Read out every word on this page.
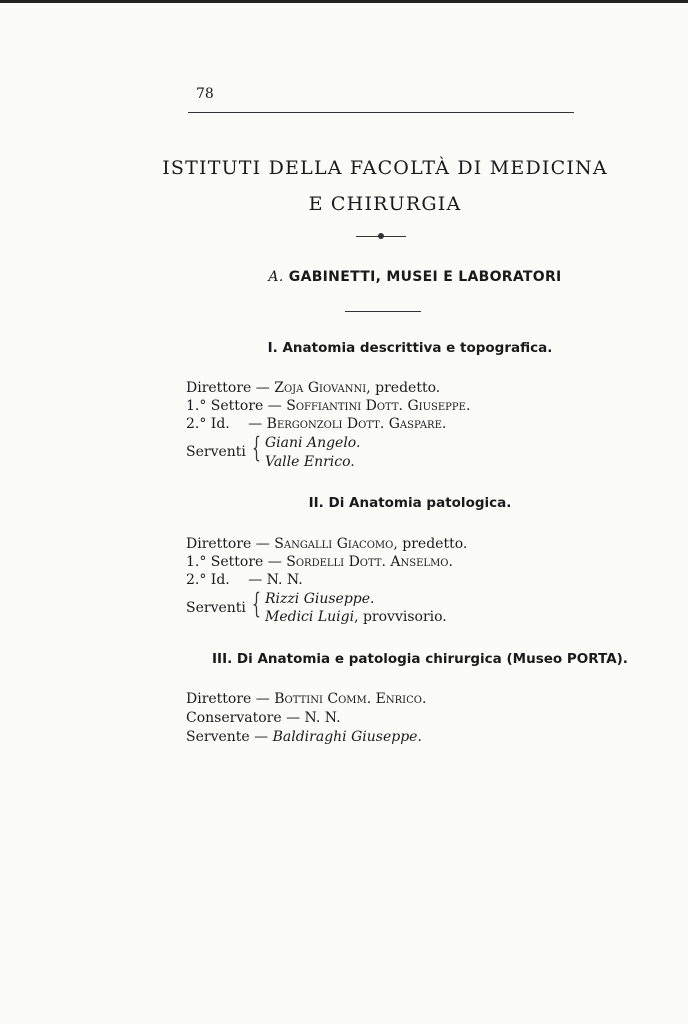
78
ISTITUTI DELLA FACOLTÀ DI MEDICINA
E CHIRURGIA
A. GABINETTI, MUSEI E LABORATORI
I. Anatomia descrittiva e topografica.
Direttore — Zoja Giovanni, predetto.
1.° Settore — Soffiantini Dott. Giuseppe.
2.° Id. — Bergonzoli Dott. Gaspare.
Serventi { Giani Angelo.
Valle Enrico.
II. Di Anatomia patologica.
Direttore — Sangalli Giacomo, predetto.
1.° Settore — Sordelli Dott. Anselmo.
2.° Id. — N. N.
Serventi { Rizzi Giuseppe.
Medici Luigi, provvisorio.
III. Di Anatomia e patologia chirurgica (Museo PORTA).
Direttore — Bottini Comm. Enrico.
Conservatore — N. N.
Servente — Baldiraghi Giuseppe.
